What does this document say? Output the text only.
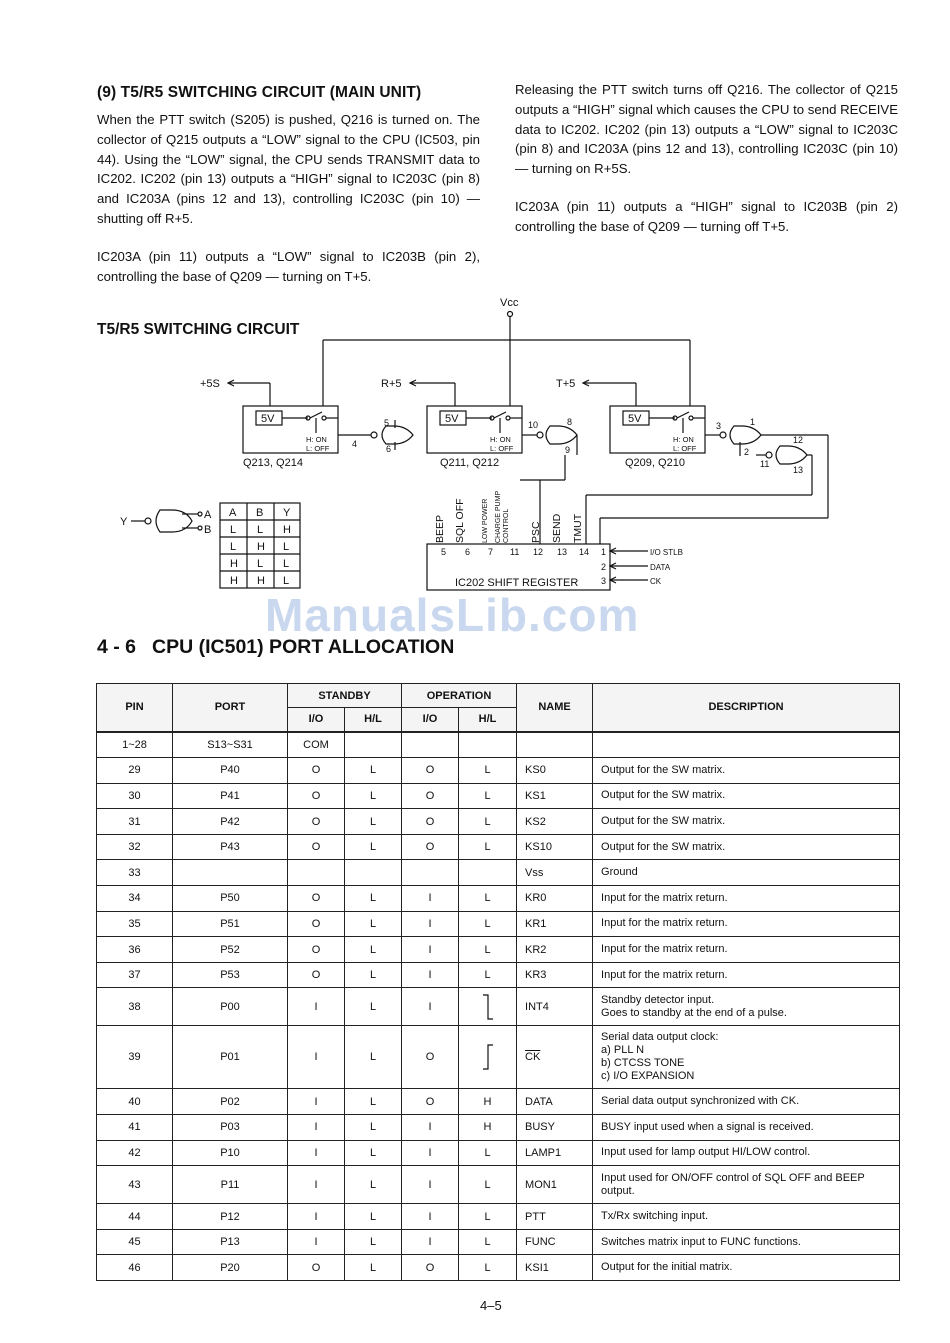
(9) T5/R5 SWITCHING CIRCUIT (MAIN UNIT)

When the PTT switch (S205) is pushed, Q216 is turned on. The collector of Q215 outputs a “LOW” signal to the CPU (IC503, pin 44). Using the “LOW” signal, the CPU sends TRANSMIT data to IC202. IC202 (pin 13) outputs a “HIGH” signal to IC203C (pin 8) and IC203A (pins 12 and 13), controlling IC203C (pin 10) — shutting off R+5.

IC203A (pin 11) outputs a “LOW” signal to IC203B (pin 2), controlling the base of Q209 — turning on T+5.

Releasing the PTT switch turns off Q216. The collector of Q215 outputs a “HIGH” signal which causes the CPU to send RECEIVE data to IC202. IC202 (pin 13) outputs a “LOW” signal to IC203C (pin 8) and IC203A (pins 12 and 13), controlling IC203C (pin 10) — turning on R+5S.

IC203A (pin 11) outputs a “HIGH” signal to IC203B (pin 2) controlling the base of Q209 — turning off T+5.

T5/R5 SWITCHING CIRCUIT
Vcc
+5S	R+5	T+5
5V
H: ON
L: OFF
Q213, Q214
5V
H: ON
L: OFF
Q211, Q212
5V
H: ON
L: OFF
Q209, Q210
5
4	6
10	8
9
3	1
2
12
11
13
IC202 SHIFT REGISTER
BEEP SQL OFF LOW POWER CHARGE PUMP CONTROL PSC SEND TMUT
5 6 7 11 12 13 14 1
2
3
I/O STLB
DATA
CK
Y
A
B
A B Y
L L H
L H L
H L L
H H L
ManualsLib.com
4 - 6 CPU (IC501) PORT ALLOCATION
PIN	PORT	STANDBY		OPERATION		NAME	DESCRIPTION
		I/O	H/L	I/O	H/L		
1~28	S13~S31	COM					
29	P40	O	L	O	L	KS0	Output for the SW matrix.
30	P41	O	L	O	L	KS1	Output for the SW matrix.
31	P42	O	L	O	L	KS2	Output for the SW matrix.
32	P43	O	L	O	L	KS10	Output for the SW matrix.
33						Vss	Ground
34	P50	O	L	I	L	KR0	Input for the matrix return.
35	P51	O	L	I	L	KR1	Input for the matrix return.
36	P52	O	L	I	L	KR2	Input for the matrix return.
37	P53	O	L	I	L	KR3	Input for the matrix return.
38	P00	I	L	I		INT4	Standby detector input.
Goes to standby at the end of a pulse.
39	P01	I	L	O		$\overline{CK}$	Serial data output clock:
a) PLL N
b) CTCSS TONE
c) I/O EXPANSION
40	P02	I	L	O	H	DATA	Serial data output synchronized with CK.
41	P03	I	L	I	H	BUSY	BUSY input used when a signal is received.
42	P10	I	L	I	L	LAMP1	Input used for lamp output HI/LOW control.
43	P11	I	L	I	L	MON1	Input used for ON/OFF control of SQL OFF and BEEP output.
44	P12	I	L	I	L	PTT	Tx/Rx switching input.
45	P13	I	L	I	L	FUNC	Switches matrix input to FUNC functions.
46	P20	O	L	O	L	KSI1	Output for the initial matrix.
4–5
